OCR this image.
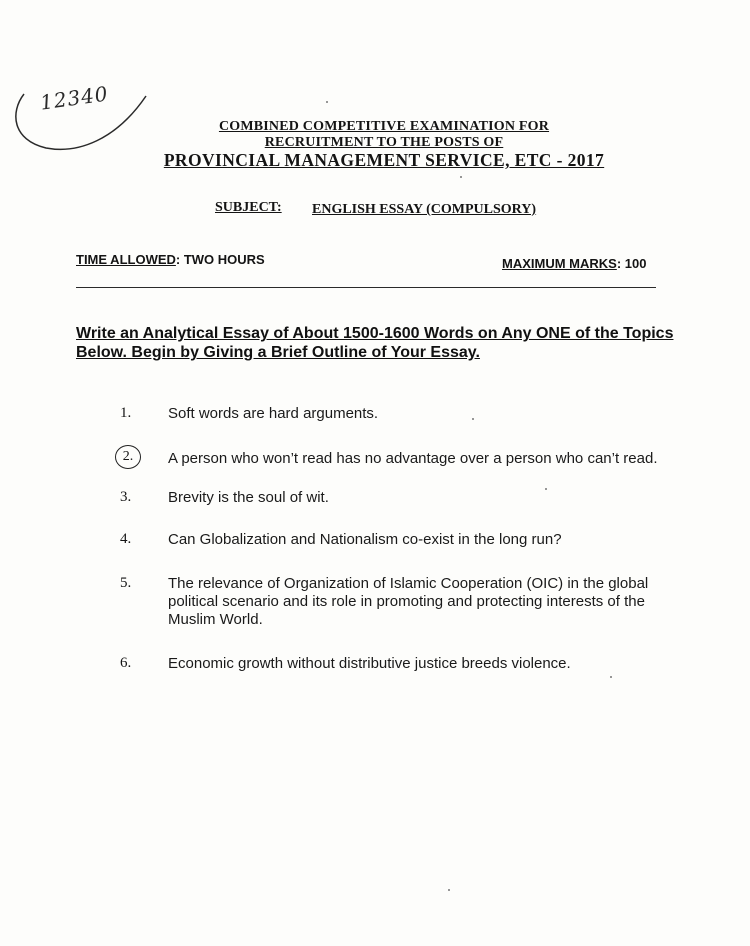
12340
COMBINED COMPETITIVE EXAMINATION FOR
RECRUITMENT TO THE POSTS OF
PROVINCIAL MANAGEMENT SERVICE, ETC - 2017
SUBJECT: ENGLISH ESSAY (COMPULSORY)
TIME ALLOWED: TWO HOURS	MAXIMUM MARKS: 100
Write an Analytical Essay of About 1500-1600 Words on Any ONE of the Topics Below. Begin by Giving a Brief Outline of Your Essay.
1.	Soft words are hard arguments.
2.	A person who won’t read has no advantage over a person who can’t read.
3.	Brevity is the soul of wit.
4.	Can Globalization and Nationalism co-exist in the long run?
5.	The relevance of Organization of Islamic Cooperation (OIC) in the global political scenario and its role in promoting and protecting interests of the Muslim World.
6.	Economic growth without distributive justice breeds violence.
